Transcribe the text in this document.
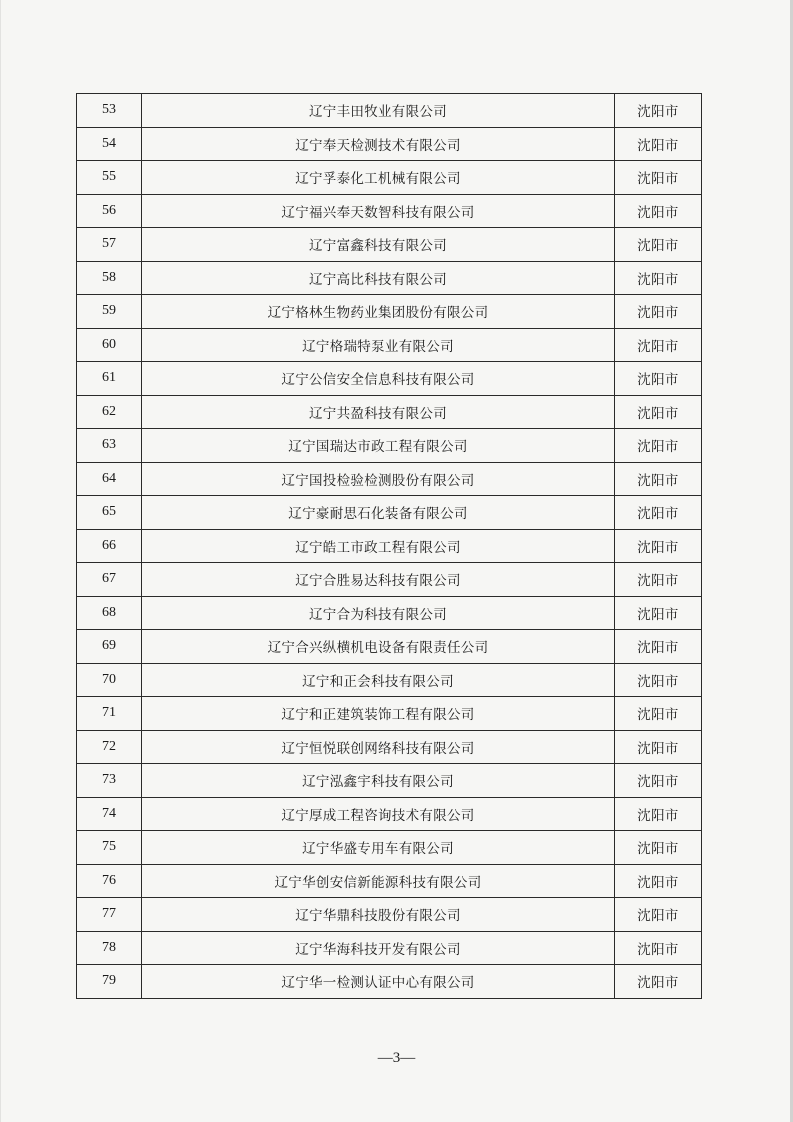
53	辽宁丰田牧业有限公司	沈阳市
54	辽宁奉天检测技术有限公司	沈阳市
55	辽宁孚泰化工机械有限公司	沈阳市
56	辽宁福兴奉天数智科技有限公司	沈阳市
57	辽宁富鑫科技有限公司	沈阳市
58	辽宁高比科技有限公司	沈阳市
59	辽宁格林生物药业集团股份有限公司	沈阳市
60	辽宁格瑞特泵业有限公司	沈阳市
61	辽宁公信安全信息科技有限公司	沈阳市
62	辽宁共盈科技有限公司	沈阳市
63	辽宁国瑞达市政工程有限公司	沈阳市
64	辽宁国投检验检测股份有限公司	沈阳市
65	辽宁豪耐思石化装备有限公司	沈阳市
66	辽宁皓工市政工程有限公司	沈阳市
67	辽宁合胜易达科技有限公司	沈阳市
68	辽宁合为科技有限公司	沈阳市
69	辽宁合兴纵横机电设备有限责任公司	沈阳市
70	辽宁和正会科技有限公司	沈阳市
71	辽宁和正建筑装饰工程有限公司	沈阳市
72	辽宁恒悦联创网络科技有限公司	沈阳市
73	辽宁泓鑫宇科技有限公司	沈阳市
74	辽宁厚成工程咨询技术有限公司	沈阳市
75	辽宁华盛专用车有限公司	沈阳市
76	辽宁华创安信新能源科技有限公司	沈阳市
77	辽宁华鼎科技股份有限公司	沈阳市
78	辽宁华海科技开发有限公司	沈阳市
79	辽宁华一检测认证中心有限公司	沈阳市
—3—
